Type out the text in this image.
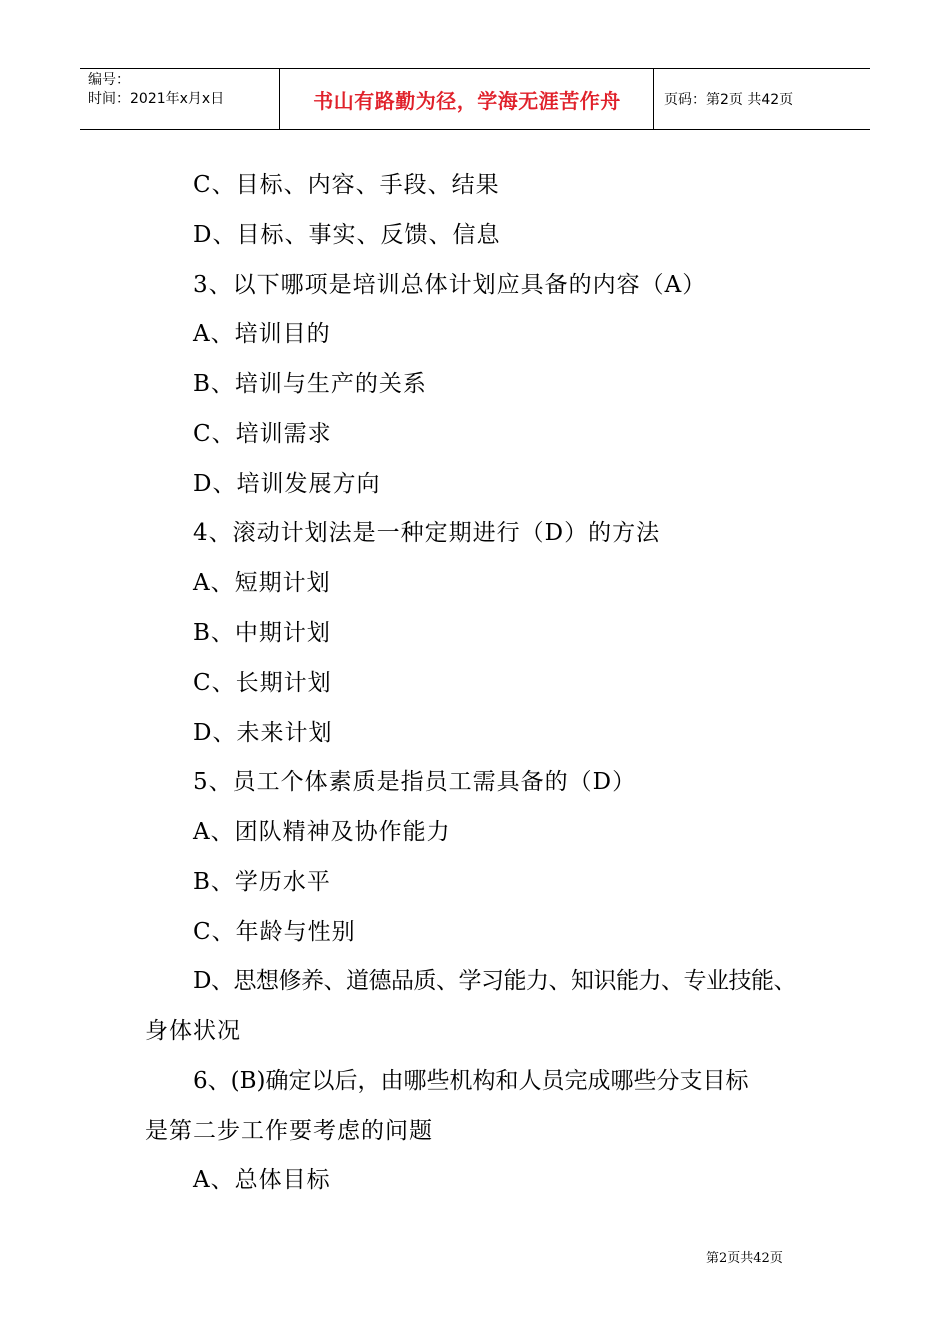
编号：
时间：2021年x月x日	书山有路勤为径，学海无涯苦作舟	页码：第2页 共42页
C、目标、内容、手段、结果
D、目标、事实、反馈、信息
3、以下哪项是培训总体计划应具备的内容（A）
A、培训目的
B、培训与生产的关系
C、培训需求
D、培训发展方向
4、滚动计划法是一种定期进行（D）的方法
A、短期计划
B、中期计划
C、长期计划
D、未来计划
5、员工个体素质是指员工需具备的（D）
A、团队精神及协作能力
B、学历水平
C、年龄与性别
D、思想修养、道德品质、学习能力、知识能力、专业技能、
身体状况
6、(B)确定以后，由哪些机构和人员完成哪些分支目标
是第二步工作要考虑的问题
A、总体目标
第2页共42页
